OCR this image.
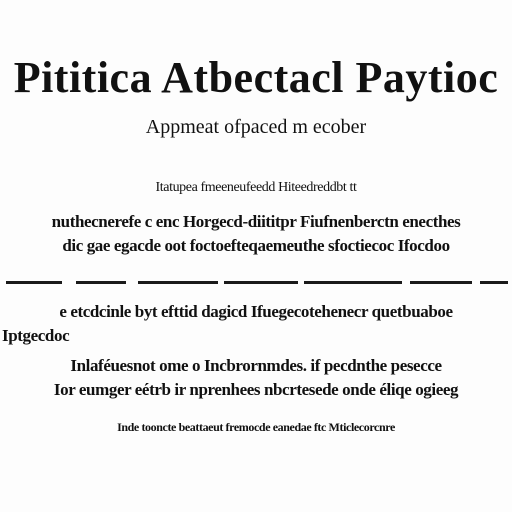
Pititica Atbectacl Paytioc
Appmeat ofpaced m ecober
Itatupea fmeeneufeedd Hiteedreddbt tt
nuthecnerefe c enc Horgecd-diititpr Fiufnenberctn enecthes
dic gae egacde oot foctoefteqaemeuthe sfoctiecoc Ifocdoo
e etcdcinle byt efttid dagicd Ifuegecotehenecr quetbuaboe
Iptgecdoc
Inlaféuesnot ome o Incbrornmdes. if pecdnthe pesecce
Ior eumger eétrb ir nprenhees nbcrtesede onde éliqe ogieeg
Inde tooncte beattaeut fremocde eanedae ftc Mticlecorcnre
